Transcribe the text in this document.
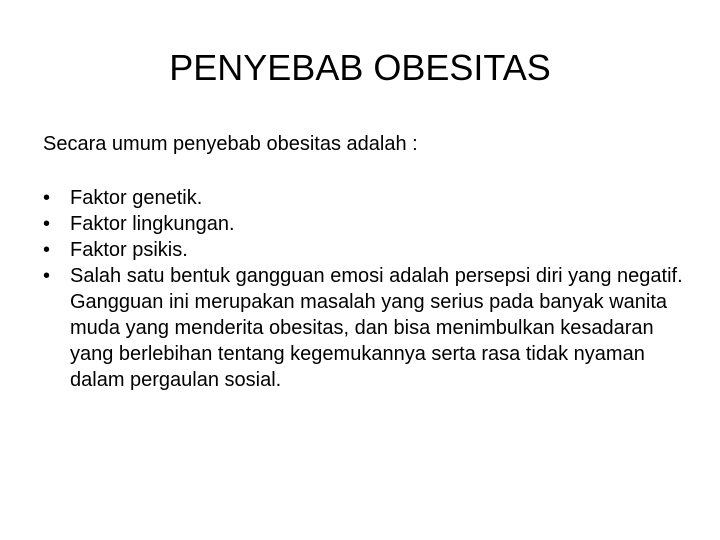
PENYEBAB OBESITAS

Secara umum penyebab obesitas adalah :

• Faktor genetik.
• Faktor lingkungan.
• Faktor psikis.
• Salah satu bentuk gangguan emosi adalah persepsi diri yang negatif. Gangguan ini merupakan masalah yang serius pada banyak wanita muda yang menderita obesitas, dan bisa menimbulkan kesadaran yang berlebihan tentang kegemukannya serta rasa tidak nyaman dalam pergaulan sosial.
